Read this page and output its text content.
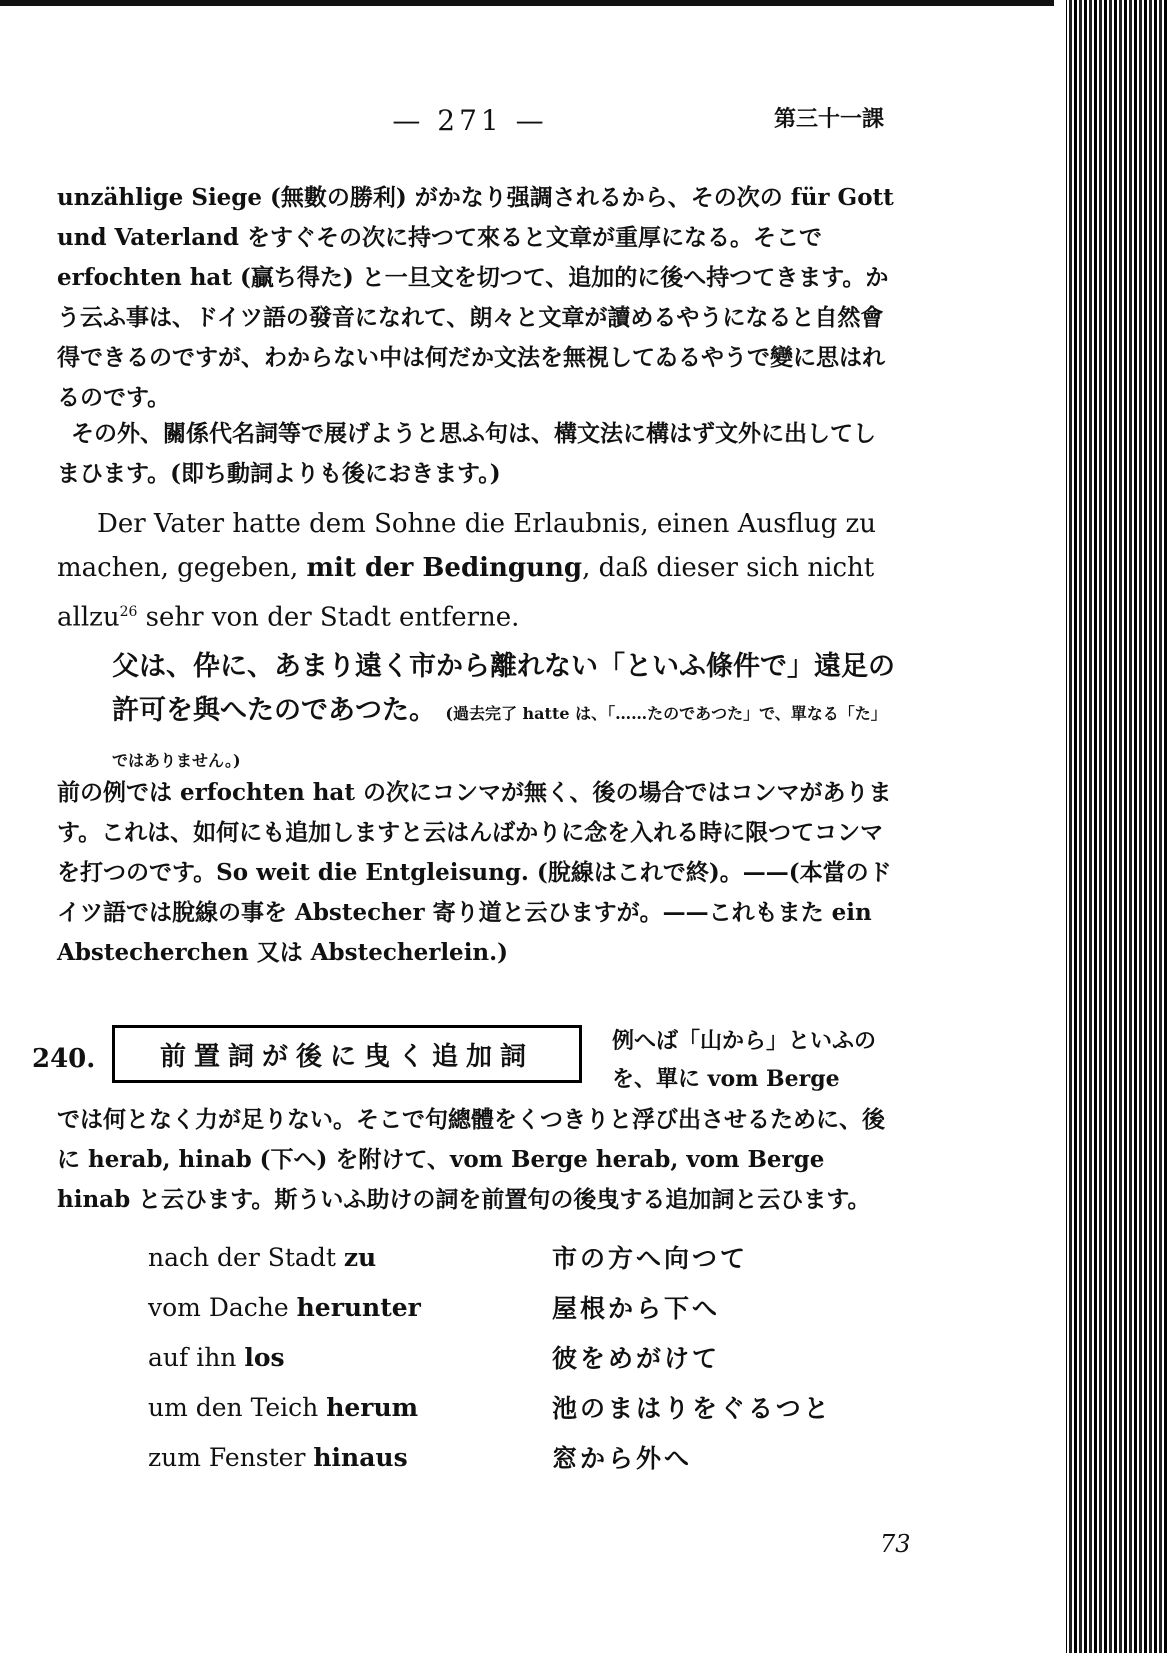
— 271 —	第三十一課
unzählige Siege (無數の勝利) がかなり强調されるから、その次の für Gott und Vaterland をすぐその次に持つて來ると文章が重厚になる。そこで erfochten hat (贏ち得た) と一旦文を切つて、追加的に後へ持つてきます。かう云ふ事は、ドイツ語の發音になれて、朗々と文章が讀めるやうになると自然會得できるのですが、わからない中は何だか文法を無視してゐるやうで變に思はれるのです。
その外、關係代名詞等で展げようと思ふ句は、構文法に構はず文外に出してしまひます。(即ち動詞よりも後におきます。)
Der Vater hatte dem Sohne die Erlaubnis, einen Ausflug zu machen, gegeben, mit der Bedingung, daß dieser sich nicht allzu$^{26}$ sehr von der Stadt entferne.
父は、伜に、あまり遠く市から離れない「といふ條件で」遠足の許可を與へたのであつた。 (過去完了 hatte は、「……たのであつた」で、單なる「た」ではありません。)
前の例では erfochten hat の次にコンマが無く、後の場合ではコンマがあります。これは、如何にも追加しますと云はんばかりに念を入れる時に限つてコンマを打つのです。So weit die Entgleisung. (脫線はこれで終)。——(本當のドイツ語では脫線の事を Abstecher 寄り道と云ひますが。——これもまた ein Abstecherchen 又は Abstecherlein.)
240. 前置詞が後に曳く追加詞
例へば「山から」といふのを、單に vom Berge
では何となく力が足りない。そこで句總體をくつきりと浮び出させるために、後に herab, hinab (下へ) を附けて、vom Berge herab, vom Berge hinab と云ひます。斯ういふ助けの詞を前置句の後曳する追加詞と云ひます。
nach der Stadt zu	市の方へ向つて
vom Dache herunter	屋根から下へ
auf ihn los	彼をめがけて
um den Teich herum	池のまはりをぐるつと
zum Fenster hinaus	窓から外へ
73
